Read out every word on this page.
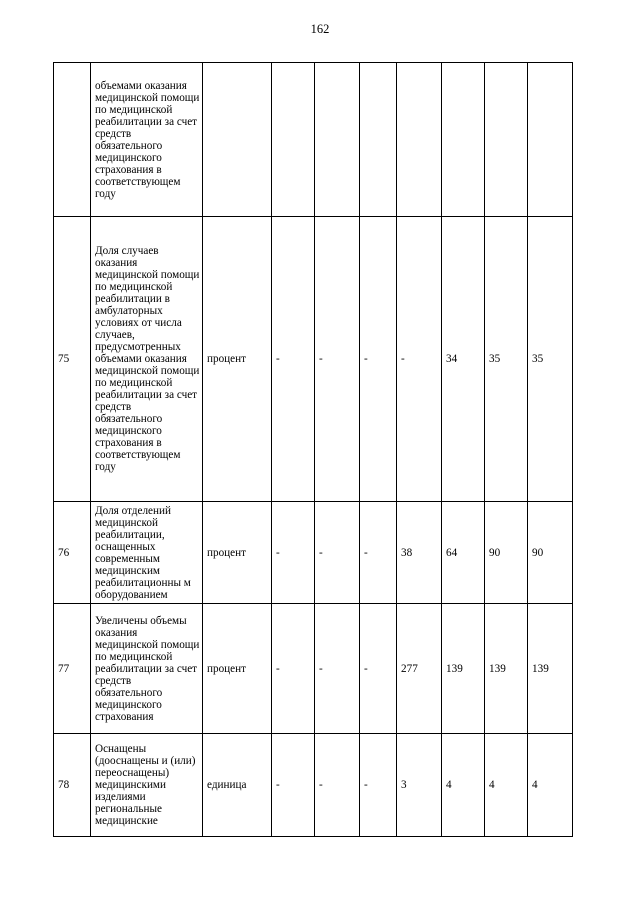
162

	объемами оказания медицинской помощи по медицинской реабилитации за счет средств обязательного медицинского страхования в соответствующем году								

75	Доля случаев оказания медицинской помощи по медицинской реабилитации в амбулаторных условиях от числа случаев, предусмотренных объемами оказания медицинской помощи по медицинской реабилитации за счет средств обязательного медицинского страхования в соответствующем году	процент	-	-	-	-	34	35	35
76	Доля отделений медицинской реабилитации, оснащенных современным медицинским реабилитационны м оборудованием	процент	-	-	-	38	64	90	90
77	Увеличены объемы оказания медицинской помощи по медицинской реабилитации за счет средств обязательного медицинского страхования	процент	-	-	-	277	139	139	139
78	Оснащены (дооснащены и (или) переоснащены) медицинскими изделиями региональные медицинские	единица	-	-	-	3	4	4	4
